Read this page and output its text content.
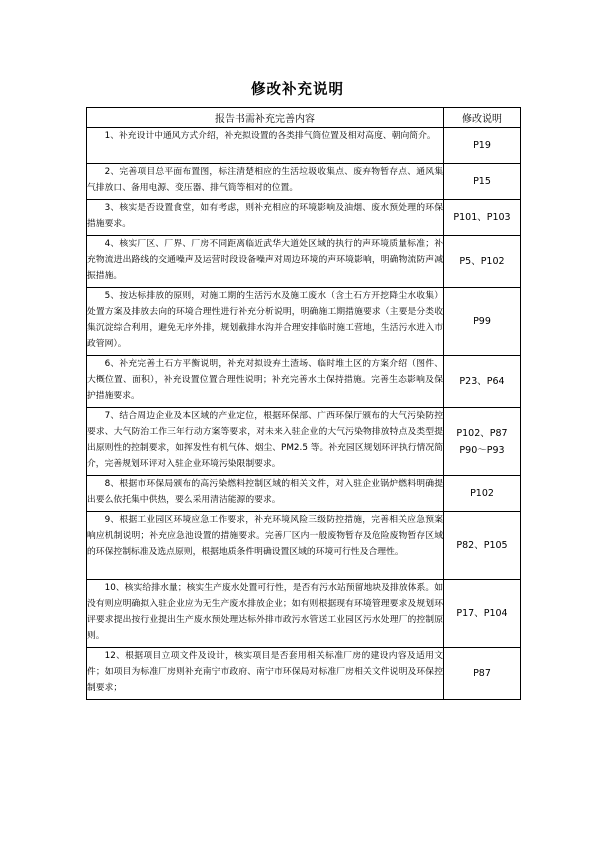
修改补充说明
报告书需补充完善内容	修改说明

1、补充设计中通风方式介绍，补充拟设置的各类排气筒位置及相对高度、朝向简介。	P19

2、完善项目总平面布置图，标注清楚相应的生活垃圾收集点、废弃物暂存点、通风集气排放口、备用电源、变压器、排气筒等相对的位置。	P15

3、核实是否设置食堂，如有考虑，则补充相应的环境影响及油烟、废水预处理的环保措施要求。	P101、P103

4、核实厂区、厂界、厂房不同距离临近武华大道处区域的执行的声环境质量标准；补充物流进出路线的交通噪声及运营时段设备噪声对周边环境的声环境影响，明确物流防声减振措施。	P5、P102

5、按达标排放的原则，对施工期的生活污水及施工废水（含土石方开挖降尘水收集）处置方案及排放去向的环境合理性进行补充分析说明，明确施工期措施要求（主要是分类收集沉淀综合利用，避免无序外排，规划截排水沟并合理安排临时施工营地，生活污水进入市政管网）。	P99

6、补充完善土石方平衡说明，补充对拟设弃土渣场、临时堆土区的方案介绍（图件、大概位置、面积），补充设置位置合理性说明；补充完善水土保持措施。完善生态影响及保护措施要求。	P23、P64

7、结合周边企业及本区域的产业定位，根据环保部、广西环保厅颁布的大气污染防控要求、大气防治工作三年行动方案等要求，对未来入驻企业的大气污染物排放特点及类型提出原则性的控制要求，如挥发性有机气体、烟尘、PM2.5 等。补充园区规划环评执行情况简介，完善规划环评对入驻企业环境污染限制要求。	P102、P87
P90～P93

8、根据市环保局颁布的高污染燃料控制区域的相关文件，对入驻企业锅炉燃料明确提出要么依托集中供热，要么采用清洁能源的要求。	P102

9、根据工业园区环境应急工作要求，补充环境风险三级防控措施，完善相关应急预案响应机制说明；补充应急池设置的措施要求。完善厂区内一般废物暂存及危险废物暂存区域的环保控制标准及选点原则，根据地质条件明确设置区域的环境可行性及合理性。	P82、P105

10、核实给排水量；核实生产废水处置可行性，是否有污水站预留地块及排放体系。如没有则应明确拟入驻企业应为无生产废水排放企业；如有则根据现有环境管理要求及规划环评要求提出按行业提出生产废水预处理达标外排市政污水管送工业园区污水处理厂的控制原则。	P17、P104

12、根据项目立项文件及设计，核实项目是否套用相关标准厂房的建设内容及适用文件；如项目为标准厂房则补充南宁市政府、南宁市环保局对标准厂房相关文件说明及环保控制要求；	P87
